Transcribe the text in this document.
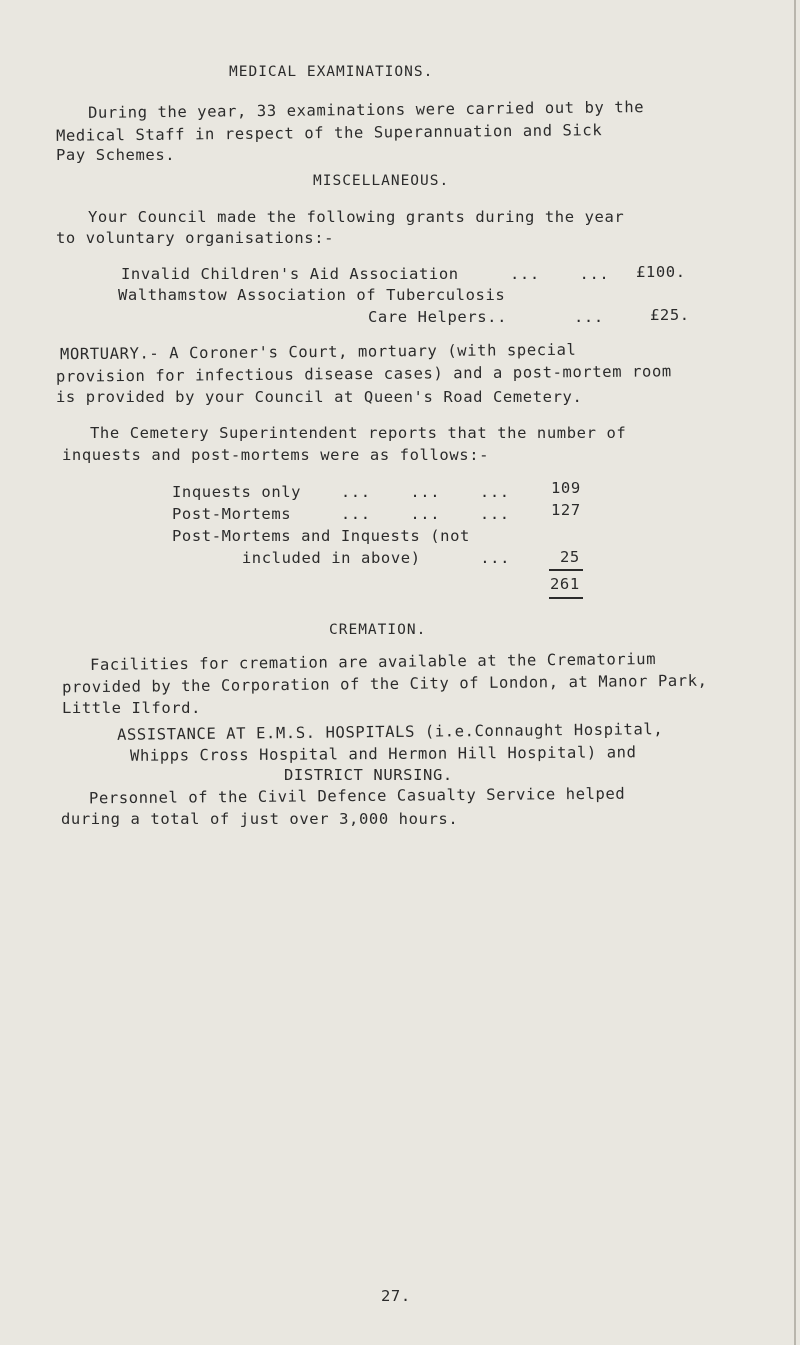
MEDICAL EXAMINATIONS.
During the year, 33 examinations were carried out by the
Medical Staff in respect of the Superannuation and Sick
Pay Schemes.
MISCELLANEOUS.
Your Council made the following grants during the year
to voluntary organisations:-
Invalid Children's Aid Association	...    ... £100.
Walthamstow Association of Tuberculosis
Care Helpers..	...	£25.
MORTUARY.- A Coroner's Court, mortuary (with special
provision for infectious disease cases) and a post-mortem room
is provided by your Council at Queen's Road Cemetery.
The Cemetery Superintendent reports that the number of
inquests and post-mortems were as follows:-
Inquests only    ...    ...    ...	109
Post-Mortems     ...    ...    ...	127
Post-Mortems and Inquests (not
included in above)      ...	25
261
CREMATION.
Facilities for cremation are available at the Crematorium
provided by the Corporation of the City of London, at Manor Park,
Little Ilford.
ASSISTANCE AT E.M.S. HOSPITALS (i.e.Connaught Hospital,
Whipps Cross Hospital and Hermon Hill Hospital) and
DISTRICT NURSING.
Personnel of the Civil Defence Casualty Service helped
during a total of just over 3,000 hours.
27.
